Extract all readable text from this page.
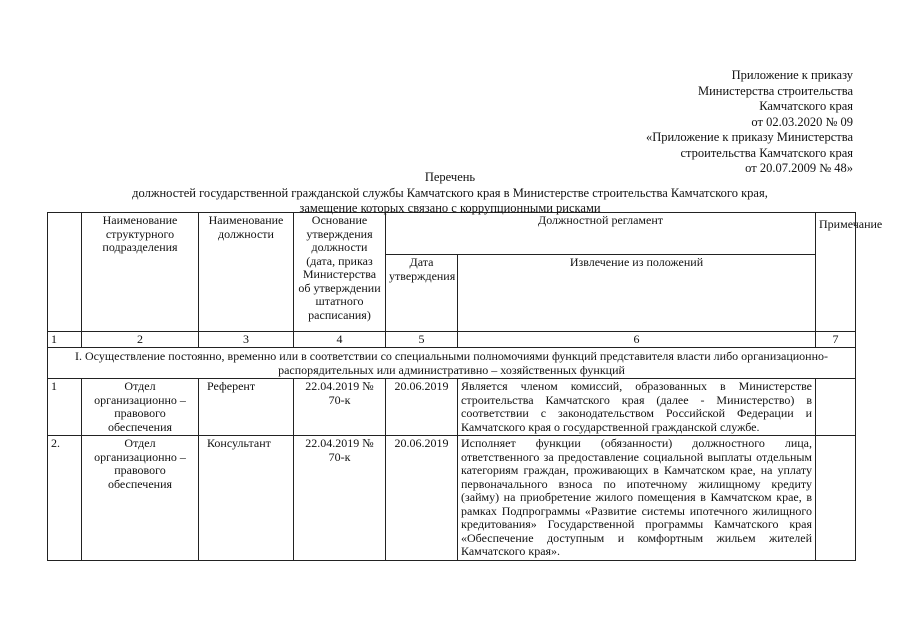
Приложение к приказу
Министерства строительства
Камчатского края
от 02.03.2020 № 09
«Приложение к приказу Министерства
строительства Камчатского края
от 20.07.2009 № 48»
Перечень
должностей государственной гражданской службы Камчатского края в Министерстве строительства Камчатского края,
замещение которых связано с коррупционными рисками
	Наименование структурного подразделения	Наименование должности	Основание утверждения должности (дата, приказ Министерства об утверждении штатного расписания)	Должностной регламент		Примечание
				Дата утверждения	Извлечение из положений	
1	2	3	4	5	6	7
I. Осуществление постоянно, временно или в соответствии со специальными полномочиями функций представителя власти либо организационно-распорядительных или административно – хозяйственных функций						
1	Отдел организационно – правового обеспечения	Референт	22.04.2019 № 70-к	20.06.2019	Является членом комиссий, образованных в Министерстве строительства Камчатского края (далее - Министерство) в соответствии с законодательством Российской Федерации и Камчатского края о государственной гражданской службе.	
2.	Отдел организационно – правового обеспечения	Консультант	22.04.2019 № 70-к	20.06.2019	Исполняет функции (обязанности) должностного лица, ответственного за предоставление социальной выплаты отдельным категориям граждан, проживающих в Камчатском крае, на уплату первоначального взноса по ипотечному жилищному кредиту (займу) на приобретение жилого помещения в Камчатском крае, в рамках Подпрограммы «Развитие системы ипотечного жилищного кредитования» Государственной программы Камчатского края «Обеспечение доступным и комфортным жильем жителей Камчатского края».	
